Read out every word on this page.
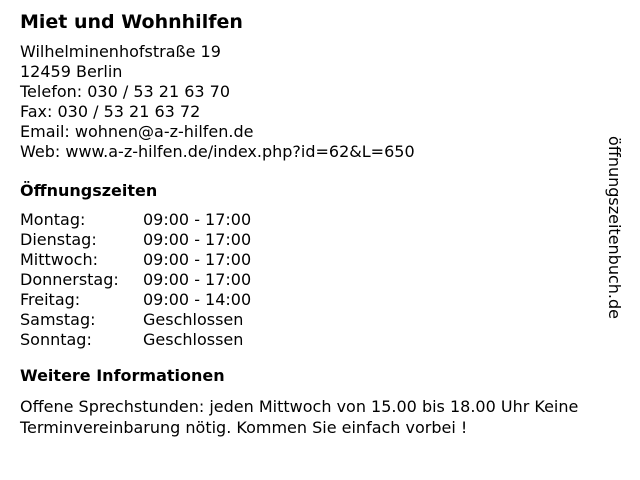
Miet und Wohnhilfen
Wilhelminenhofstraße 19
12459 Berlin
Telefon: 030 / 53 21 63 70
Fax: 030 / 53 21 63 72
Email: wohnen@a-z-hilfen.de
Web: www.a-z-hilfen.de/index.php?id=62&L=650
Öffnungszeiten
Montag:	09:00 - 17:00
Dienstag:	09:00 - 17:00
Mittwoch:	09:00 - 17:00
Donnerstag:	09:00 - 17:00
Freitag:	09:00 - 14:00
Samstag:	Geschlossen
Sonntag:	Geschlossen
Weitere Informationen
Offene Sprechstunden: jeden Mittwoch von 15.00 bis 18.00 Uhr Keine Terminvereinbarung nötig. Kommen Sie einfach vorbei !
öffnungszeitenbuch.de
